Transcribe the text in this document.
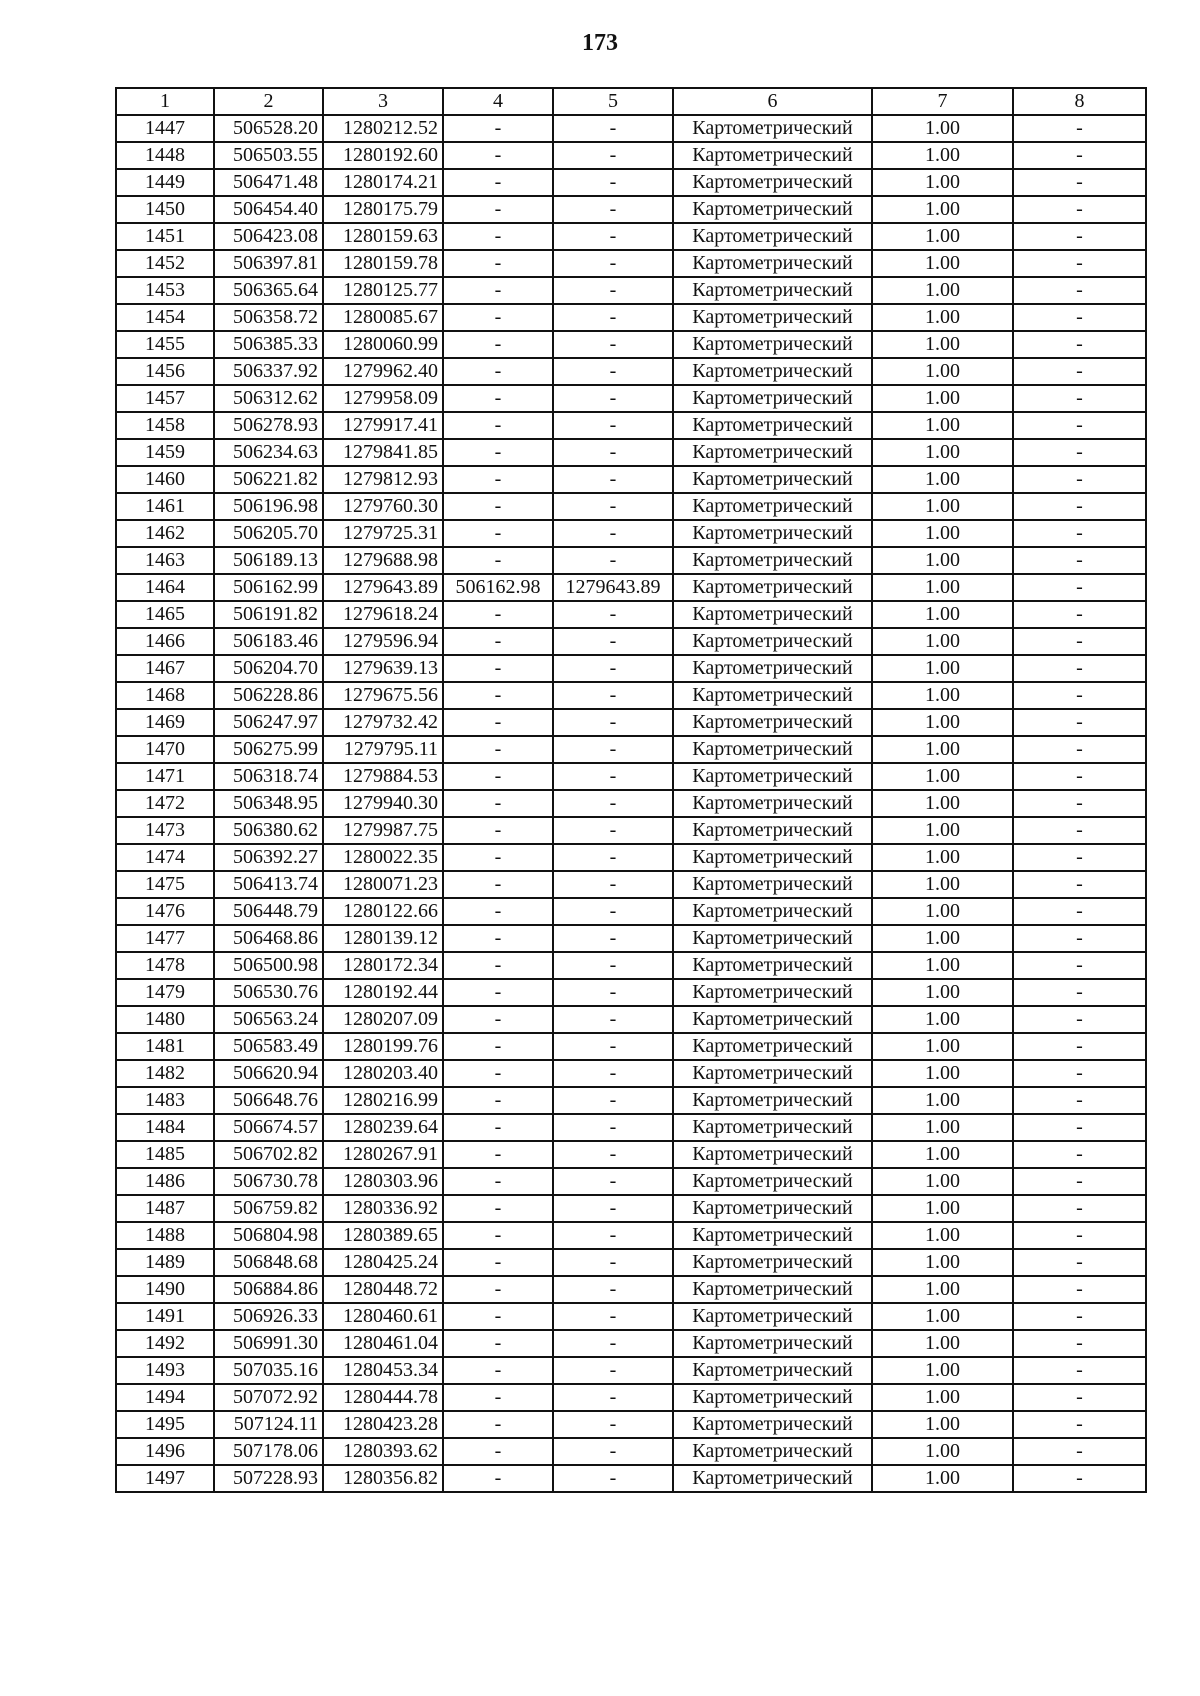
173
1	2	3	4	5	6	7	8
1447	506528.20	1280212.52	-	-	Картометрический	1.00	-
1448	506503.55	1280192.60	-	-	Картометрический	1.00	-
1449	506471.48	1280174.21	-	-	Картометрический	1.00	-
1450	506454.40	1280175.79	-	-	Картометрический	1.00	-
1451	506423.08	1280159.63	-	-	Картометрический	1.00	-
1452	506397.81	1280159.78	-	-	Картометрический	1.00	-
1453	506365.64	1280125.77	-	-	Картометрический	1.00	-
1454	506358.72	1280085.67	-	-	Картометрический	1.00	-
1455	506385.33	1280060.99	-	-	Картометрический	1.00	-
1456	506337.92	1279962.40	-	-	Картометрический	1.00	-
1457	506312.62	1279958.09	-	-	Картометрический	1.00	-
1458	506278.93	1279917.41	-	-	Картометрический	1.00	-
1459	506234.63	1279841.85	-	-	Картометрический	1.00	-
1460	506221.82	1279812.93	-	-	Картометрический	1.00	-
1461	506196.98	1279760.30	-	-	Картометрический	1.00	-
1462	506205.70	1279725.31	-	-	Картометрический	1.00	-
1463	506189.13	1279688.98	-	-	Картометрический	1.00	-
1464	506162.99	1279643.89	506162.98	1279643.89	Картометрический	1.00	-
1465	506191.82	1279618.24	-	-	Картометрический	1.00	-
1466	506183.46	1279596.94	-	-	Картометрический	1.00	-
1467	506204.70	1279639.13	-	-	Картометрический	1.00	-
1468	506228.86	1279675.56	-	-	Картометрический	1.00	-
1469	506247.97	1279732.42	-	-	Картометрический	1.00	-
1470	506275.99	1279795.11	-	-	Картометрический	1.00	-
1471	506318.74	1279884.53	-	-	Картометрический	1.00	-
1472	506348.95	1279940.30	-	-	Картометрический	1.00	-
1473	506380.62	1279987.75	-	-	Картометрический	1.00	-
1474	506392.27	1280022.35	-	-	Картометрический	1.00	-
1475	506413.74	1280071.23	-	-	Картометрический	1.00	-
1476	506448.79	1280122.66	-	-	Картометрический	1.00	-
1477	506468.86	1280139.12	-	-	Картометрический	1.00	-
1478	506500.98	1280172.34	-	-	Картометрический	1.00	-
1479	506530.76	1280192.44	-	-	Картометрический	1.00	-
1480	506563.24	1280207.09	-	-	Картометрический	1.00	-
1481	506583.49	1280199.76	-	-	Картометрический	1.00	-
1482	506620.94	1280203.40	-	-	Картометрический	1.00	-
1483	506648.76	1280216.99	-	-	Картометрический	1.00	-
1484	506674.57	1280239.64	-	-	Картометрический	1.00	-
1485	506702.82	1280267.91	-	-	Картометрический	1.00	-
1486	506730.78	1280303.96	-	-	Картометрический	1.00	-
1487	506759.82	1280336.92	-	-	Картометрический	1.00	-
1488	506804.98	1280389.65	-	-	Картометрический	1.00	-
1489	506848.68	1280425.24	-	-	Картометрический	1.00	-
1490	506884.86	1280448.72	-	-	Картометрический	1.00	-
1491	506926.33	1280460.61	-	-	Картометрический	1.00	-
1492	506991.30	1280461.04	-	-	Картометрический	1.00	-
1493	507035.16	1280453.34	-	-	Картометрический	1.00	-
1494	507072.92	1280444.78	-	-	Картометрический	1.00	-
1495	507124.11	1280423.28	-	-	Картометрический	1.00	-
1496	507178.06	1280393.62	-	-	Картометрический	1.00	-
1497	507228.93	1280356.82	-	-	Картометрический	1.00	-
